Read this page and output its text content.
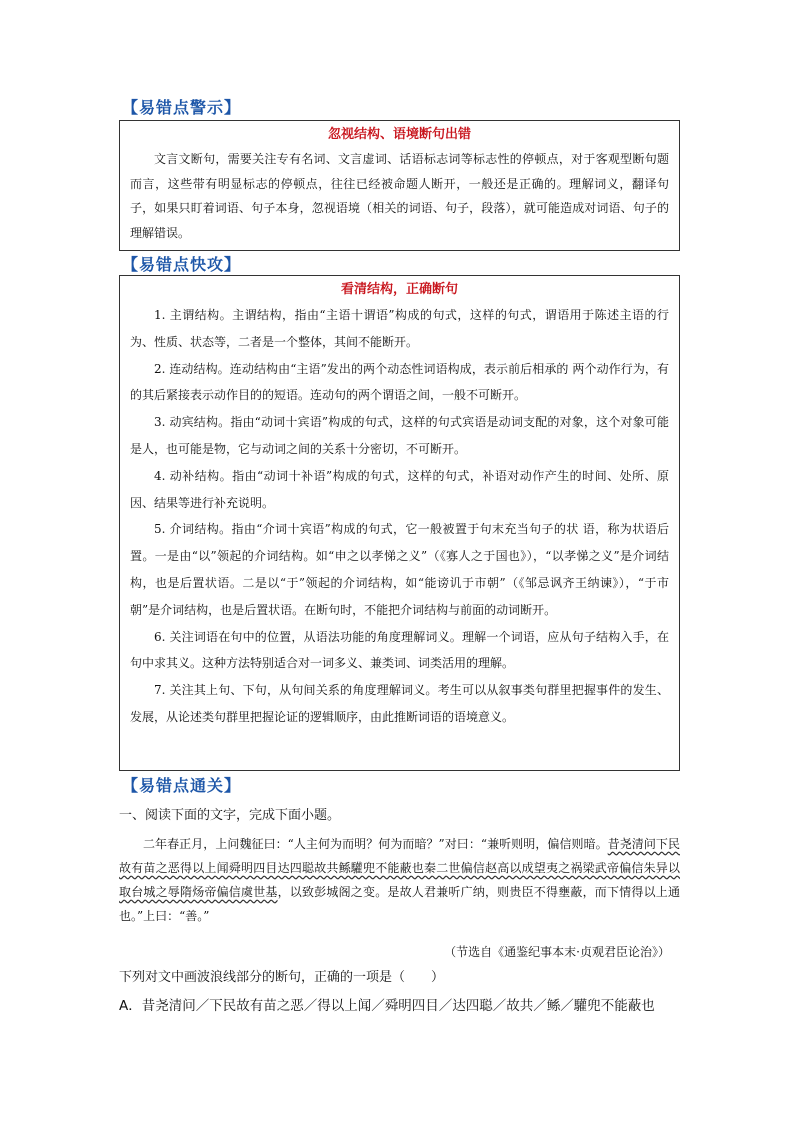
【易错点警示】
忽视结构、语境断句出错

文言文断句，需要关注专有名词、文言虚词、话语标志词等标志性的停顿点，对于客观型断句题而言，这些带有明显标志的停顿点，往往已经被命题人断开，一般还是正确的。理解词义，翻译句子，如果只盯着词语、句子本身，忽视语境（相关的词语、句子，段落），就可能造成对词语、句子的理解错误。

【易错点快攻】
看清结构，正确断句

1. 主谓结构。主谓结构，指由“主语十谓语”构成的句式，这样的句式，谓语用于陈述主语的行为、性质、状态等，二者是一个整体，其间不能断开。

2. 连动结构。连动结构由“主语”发出的两个动态性词语构成，表示前后相承的 两个动作行为，有的其后紧接表示动作目的的短语。连动句的两个谓语之间，一般不可断开。

3. 动宾结构。指由“动词十宾语”构成的句式，这样的句式宾语是动词支配的对象，这个对象可能是人，也可能是物，它与动词之间的关系十分密切，不可断开。

4. 动补结构。指由“动词十补语”构成的句式，这样的句式，补语对动作产生的时间、处所、原因、结果等进行补充说明。

5. 介词结构。指由“介词十宾语”构成的句式，它一般被置于句末充当句子的状 语，称为状语后置。一是由“以”领起的介词结构。如“申之以孝悌之义”（《寡人之于国也》），“以孝悌之义”是介词结构，也是后置状语。二是以“于”领起的介词结构，如“能谤讥于市朝”（《邹忌讽齐王纳谏》），“于市朝”是介词结构，也是后置状语。在断句时，不能把介词结构与前面的动词断开。

6. 关注词语在句中的位置，从语法功能的角度理解词义。理解一个词语，应从句子结构入手，在句中求其义。这种方法特别适合对一词多义、兼类词、词类活用的理解。

7. 关注其上句、下句，从句间关系的角度理解词义。考生可以从叙事类句群里把握事件的发生、发展，从论述类句群里把握论证的逻辑顺序，由此推断词语的语境意义。

【易错点通关】
一、阅读下面的文字，完成下面小题。

二年春正月，上问魏征曰：“人主何为而明？何为而暗？”对曰：“兼听则明，偏信则暗。昔尧清问下民故有苗之恶得以上闻舜明四目达四聪故共鲧驩兜不能蔽也秦二世偏信赵高以成望夷之祸梁武帝偏信朱异以取台城之辱隋炀帝偏信虞世基，以致彭城阁之变。是故人君兼听广纳，则贵臣不得壅蔽，而下情得以上通也。”上曰：“善。”

（节选自《通鉴纪事本末·贞观君臣论治》）
下列对文中画波浪线部分的断句，正确的一项是（　　）
A．昔尧清问／下民故有苗之恶／得以上闻／舜明四目／达四聪／故共／鲧／驩兜不能蔽也
